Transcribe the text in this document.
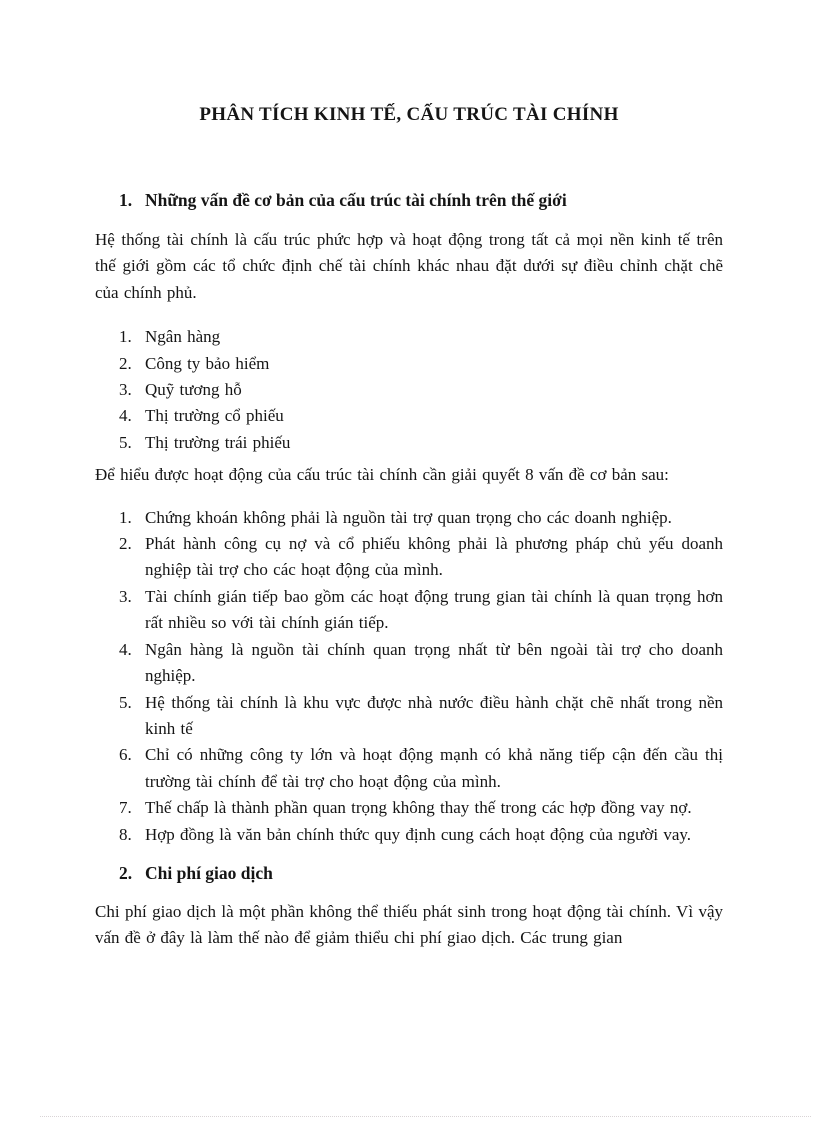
PHÂN TÍCH KINH TẾ, CẤU TRÚC TÀI CHÍNH
1. Những vấn đề cơ bản của cấu trúc tài chính trên thế giới

Hệ thống tài chính là cấu trúc phức hợp và hoạt động trong tất cả mọi nền kinh tế trên thế giới gồm các tổ chức định chế tài chính khác nhau đặt dưới sự điều chỉnh chặt chẽ của chính phủ.

1. Ngân hàng
2. Công ty bảo hiểm
3. Quỹ tương hỗ
4. Thị trường cổ phiếu
5. Thị trường trái phiếu

Để hiểu được hoạt động của cấu trúc tài chính cần giải quyết 8 vấn đề cơ bản sau:

1. Chứng khoán không phải là nguồn tài trợ quan trọng cho các doanh nghiệp.
2. Phát hành công cụ nợ và cổ phiếu không phải là phương pháp chủ yếu doanh nghiệp tài trợ cho các hoạt động của mình.
3. Tài chính gián tiếp bao gồm các hoạt động trung gian tài chính là quan trọng hơn rất nhiều so với tài chính gián tiếp.
4. Ngân hàng là nguồn tài chính quan trọng nhất từ bên ngoài tài trợ cho doanh nghiệp.
5. Hệ thống tài chính là khu vực được nhà nước điều hành chặt chẽ nhất trong nền kinh tế
6. Chỉ có những công ty lớn và hoạt động mạnh có khả năng tiếp cận đến cầu thị trường tài chính để tài trợ cho hoạt động của mình.
7. Thế chấp là thành phần quan trọng không thay thế trong các hợp đồng vay nợ.
8. Hợp đồng là văn bản chính thức quy định cung cách hoạt động của người vay.
2. Chi phí giao dịch

Chi phí giao dịch là một phần không thể thiếu phát sinh trong hoạt động tài chính. Vì vậy vấn đề ở đây là làm thế nào để giảm thiểu chi phí giao dịch. Các trung gian
